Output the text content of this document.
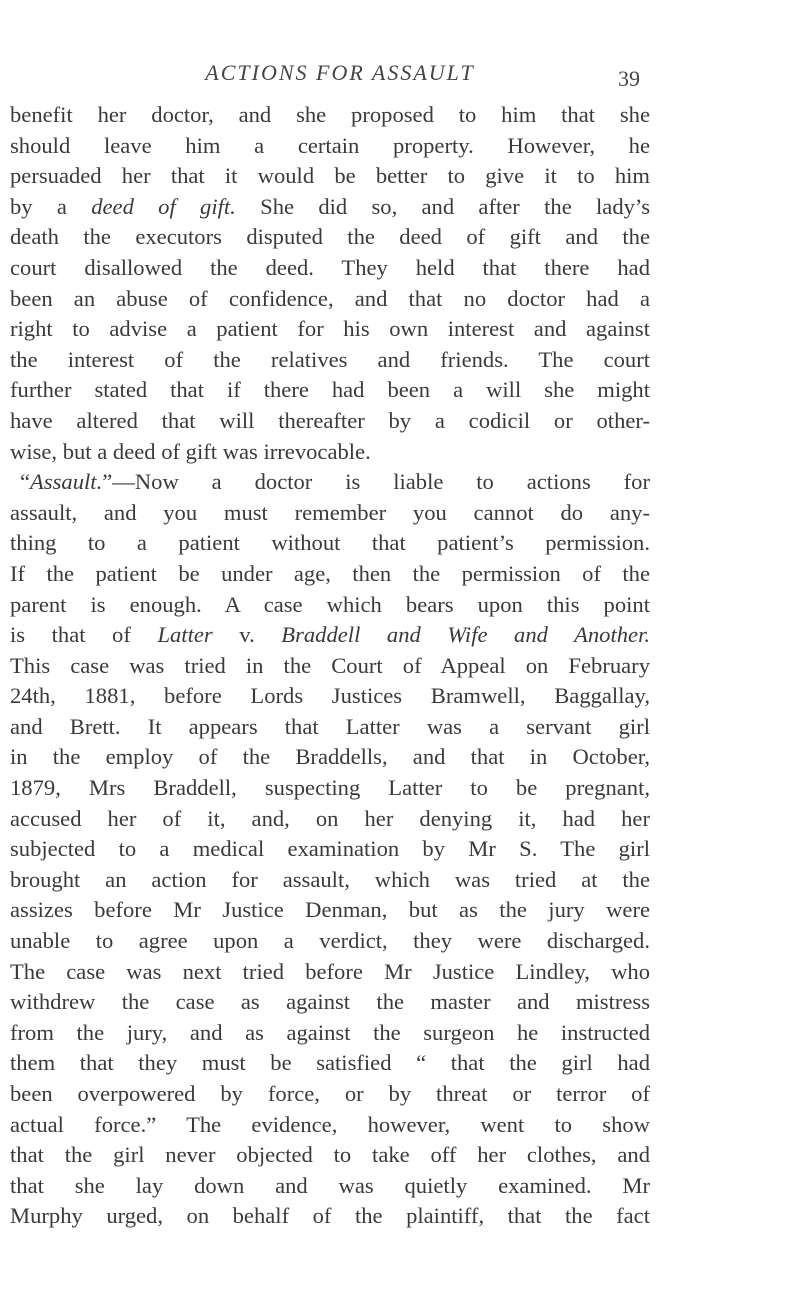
ACTIONS FOR ASSAULT	39
benefit her doctor, and she proposed to him that she
should leave him a certain property. However, he
persuaded her that it would be better to give it to him
by a deed of gift. She did so, and after the lady’s
death the executors disputed the deed of gift and the
court disallowed the deed. They held that there had
been an abuse of confidence, and that no doctor had a
right to advise a patient for his own interest and against
the interest of the relatives and friends. The court
further stated that if there had been a will she might
have altered that will thereafter by a codicil or other-
wise, but a deed of gift was irrevocable.
“Assault.”—Now a doctor is liable to actions for
assault, and you must remember you cannot do any-
thing to a patient without that patient’s permission.
If the patient be under age, then the permission of the
parent is enough. A case which bears upon this point
is that of Latter v. Braddell and Wife and Another.
This case was tried in the Court of Appeal on February
24th, 1881, before Lords Justices Bramwell, Baggallay,
and Brett. It appears that Latter was a servant girl
in the employ of the Braddells, and that in October,
1879, Mrs Braddell, suspecting Latter to be pregnant,
accused her of it, and, on her denying it, had her
subjected to a medical examination by Mr S. The girl
brought an action for assault, which was tried at the
assizes before Mr Justice Denman, but as the jury were
unable to agree upon a verdict, they were discharged.
The case was next tried before Mr Justice Lindley, who
withdrew the case as against the master and mistress
from the jury, and as against the surgeon he instructed
them that they must be satisfied “ that the girl had
been overpowered by force, or by threat or terror of
actual force.” The evidence, however, went to show
that the girl never objected to take off her clothes, and
that she lay down and was quietly examined. Mr
Murphy urged, on behalf of the plaintiff, that the fact
